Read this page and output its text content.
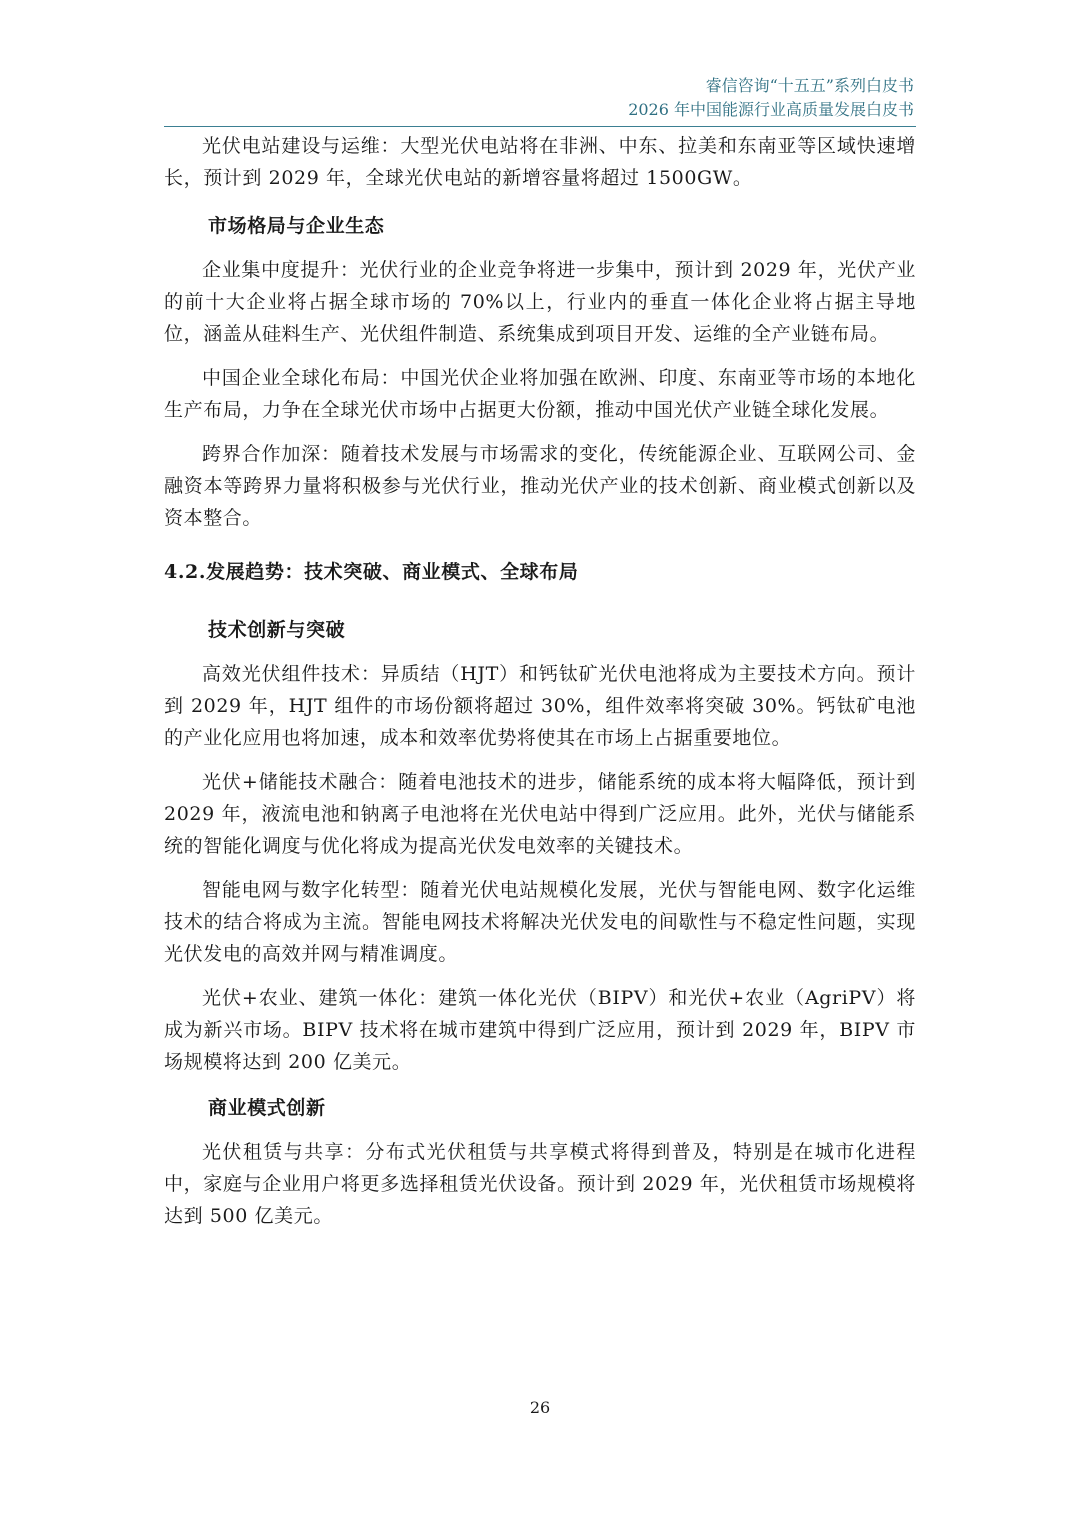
睿信咨询“十五五”系列白皮书
2026 年中国能源行业高质量发展白皮书

光伏电站建设与运维：大型光伏电站将在非洲、中东、拉美和东南亚等区域快速增长，预计到 2029 年，全球光伏电站的新增容量将超过 1500GW。

市场格局与企业生态

企业集中度提升：光伏行业的企业竞争将进一步集中，预计到 2029 年，光伏产业的前十大企业将占据全球市场的 70%以上，行业内的垂直一体化企业将占据主导地位，涵盖从硅料生产、光伏组件制造、系统集成到项目开发、运维的全产业链布局。

中国企业全球化布局：中国光伏企业将加强在欧洲、印度、东南亚等市场的本地化生产布局，力争在全球光伏市场中占据更大份额，推动中国光伏产业链全球化发展。

跨界合作加深：随着技术发展与市场需求的变化，传统能源企业、互联网公司、金融资本等跨界力量将积极参与光伏行业，推动光伏产业的技术创新、商业模式创新以及资本整合。

4.2.发展趋势：技术突破、商业模式、全球布局

技术创新与突破

高效光伏组件技术：异质结（HJT）和钙钛矿光伏电池将成为主要技术方向。预计到 2029 年，HJT 组件的市场份额将超过 30%，组件效率将突破 30%。钙钛矿电池的产业化应用也将加速，成本和效率优势将使其在市场上占据重要地位。

光伏+储能技术融合：随着电池技术的进步，储能系统的成本将大幅降低，预计到 2029 年，液流电池和钠离子电池将在光伏电站中得到广泛应用。此外，光伏与储能系统的智能化调度与优化将成为提高光伏发电效率的关键技术。

智能电网与数字化转型：随着光伏电站规模化发展，光伏与智能电网、数字化运维技术的结合将成为主流。智能电网技术将解决光伏发电的间歇性与不稳定性问题，实现光伏发电的高效并网与精准调度。

光伏+农业、建筑一体化：建筑一体化光伏（BIPV）和光伏+农业（AgriPV）将成为新兴市场。BIPV 技术将在城市建筑中得到广泛应用，预计到 2029 年，BIPV 市场规模将达到 200 亿美元。

商业模式创新

光伏租赁与共享：分布式光伏租赁与共享模式将得到普及，特别是在城市化进程中，家庭与企业用户将更多选择租赁光伏设备。预计到 2029 年，光伏租赁市场规模将达到 500 亿美元。

26
